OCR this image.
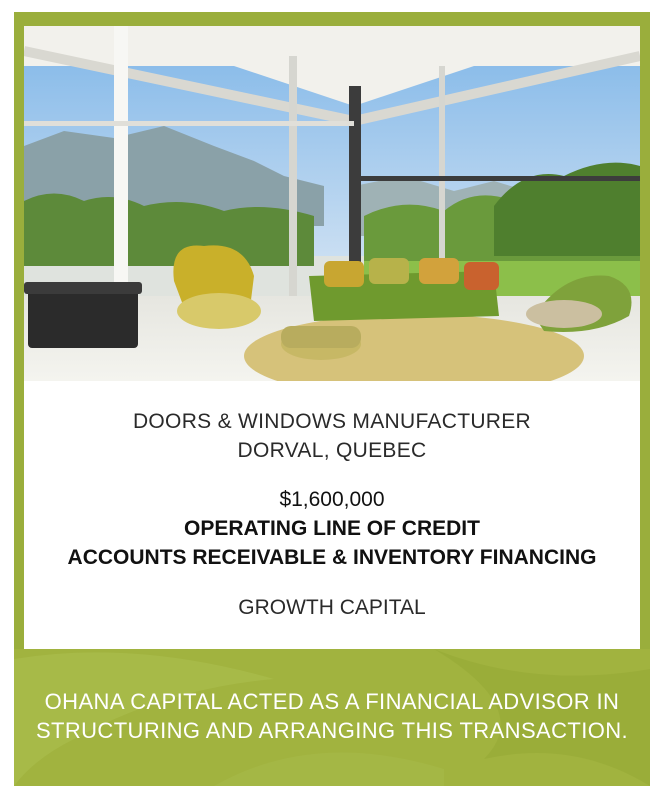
DOORS & WINDOWS MANUFACTURER
DORVAL, QUEBEC
$1,600,000
OPERATING LINE OF CREDIT
ACCOUNTS RECEIVABLE & INVENTORY FINANCING
GROWTH CAPITAL
OHANA CAPITAL ACTED AS A FINANCIAL ADVISOR IN
STRUCTURING AND ARRANGING THIS TRANSACTION.
